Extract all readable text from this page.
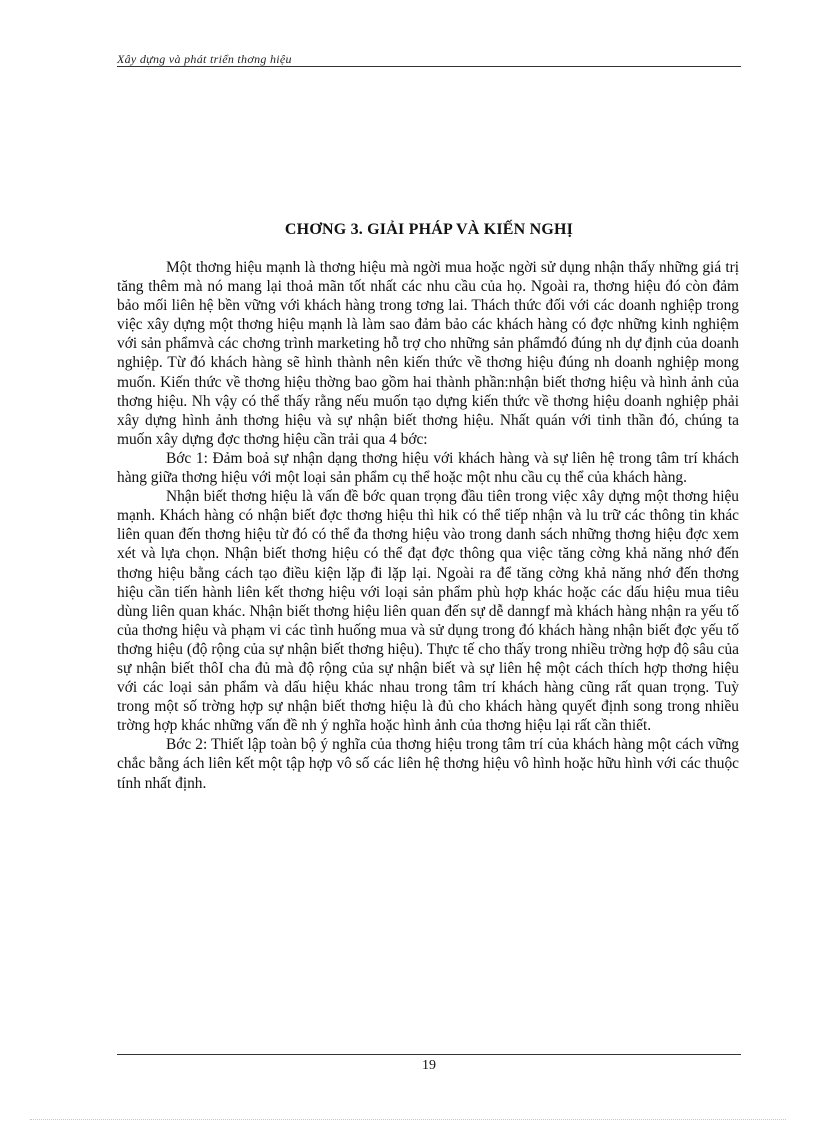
Xây dựng và phát triển thơng hiệu
CHƠNG 3. GIẢI PHÁP VÀ KIẾN NGHỊ

Một thơng hiệu mạnh là thơng hiệu mà ngời mua hoặc ngời sử dụng nhận thấy những giá trị tăng thêm mà nó mang lại thoả mãn tốt nhất các nhu cầu của họ. Ngoài ra, thơng hiệu đó còn đảm bảo mối liên hệ bền vững với khách hàng trong tơng lai. Thách thức đối với các doanh nghiệp trong việc xây dựng một thơng hiệu mạnh là làm sao đảm bảo các khách hàng có đợc những kinh nghiệm với sản phẩmvà các chơng trình marketing hỗ trợ cho những sản phẩmđó đúng nh dự định của doanh nghiệp. Từ đó khách hàng sẽ hình thành nên kiến thức về thơng hiệu đúng nh doanh nghiệp mong muốn. Kiến thức về thơng hiệu thờng bao gồm hai thành phần:nhận biết thơng hiệu và hình ảnh của thơng hiệu. Nh vậy có thể thấy rằng nếu muốn tạo dựng kiến thức về thơng hiệu doanh nghiệp phải xây dựng hình ảnh thơng hiệu và sự nhận biết thơng hiệu. Nhất quán với tinh thần đó, chúng ta muốn xây dựng đợc thơng hiệu cần trải qua 4 bớc:

Bớc 1: Đảm boả sự nhận dạng thơng hiệu với khách hàng và sự liên hệ trong tâm trí khách hàng giữa thơng hiệu với một loại sản phẩm cụ thể hoặc một nhu cầu cụ thể của khách hàng.

Nhận biết thơng hiệu là vấn đề bớc quan trọng đầu tiên trong việc xây dựng một thơng hiệu mạnh. Khách hàng có nhận biết đợc thơng hiệu thì hik có thể tiếp nhận và lu trữ các thông tin khác liên quan đến thơng hiệu từ đó có thể đa thơng hiệu vào trong danh sách những thơng hiệu đợc xem xét và lựa chọn. Nhận biết thơng hiệu có thể đạt đợc thông qua việc tăng cờng khả năng nhớ đến thơng hiệu bằng cách tạo điều kiện lặp đi lặp lại. Ngoài ra để tăng cờng khả năng nhớ đến thơng hiệu cần tiến hành liên kết thơng hiệu với loại sản phẩm phù hợp khác hoặc các dấu hiệu mua tiêu dùng liên quan khác. Nhận biết thơng hiệu liên quan đến sự dễ danngf mà khách hàng nhận ra yếu tố của thơng hiệu và phạm vi các tình huống mua và sử dụng trong đó khách hàng nhận biết đợc yếu tố thơng hiệu (độ rộng của sự nhận biết thơng hiệu). Thực tế cho thấy trong nhiều trờng hợp độ sâu của sự nhận biết thôI cha đủ mà độ rộng của sự nhận biết và sự liên hệ một cách thích hợp thơng hiệu với các loại sản phẩm và dấu hiệu khác nhau trong tâm trí khách hàng cũng rất quan trọng. Tuỳ trong một số trờng hợp sự nhận biết thơng hiệu là đủ cho khách hàng quyết định song trong nhiều trờng hợp khác những vấn đề nh ý nghĩa hoặc hình ảnh của thơng hiệu lại rất cần thiết.

Bớc 2: Thiết lập toàn bộ ý nghĩa của thơng hiệu trong tâm trí của khách hàng một cách vững chắc bằng ách liên kết một tập hợp vô số các liên hệ thơng hiệu vô hình hoặc hữu hình với các thuộc tính nhất định.

19
